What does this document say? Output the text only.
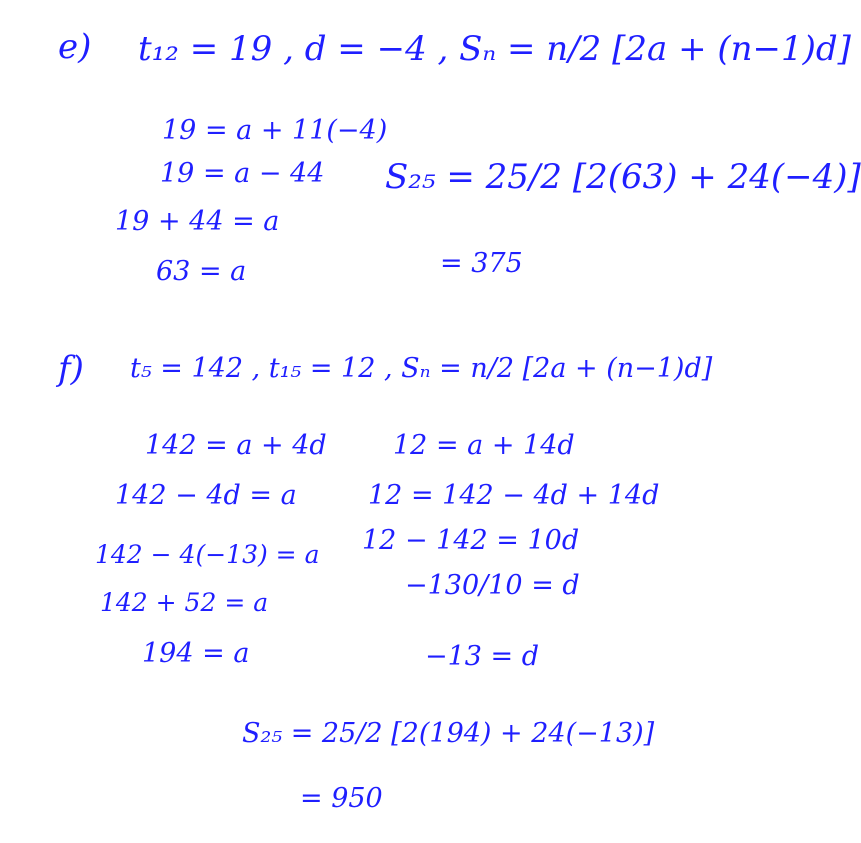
e) t₁₂ = 19 , d = −4 , Sₙ = n/2 [2a + (n−1)d]
19 = a + 11(−4)
19 = a − 44
19 + 44 = a
63 = a
S₂₅ = 25/2 [2(63) + 24(−4)]
= 375
f) t₅ = 142 , t₁₅ = 12 , Sₙ = n/2 [2a + (n−1)d]
142 = a + 4d
142 − 4d = a
142 − 4(−13) = a
142 + 52 = a
194 = a
12 = a + 14d
12 = 142 − 4d + 14d
12 − 142 = 10d
−130/10 = d
−13 = d
S₂₅ = 25/2 [2(194) + 24(−13)]
= 950
